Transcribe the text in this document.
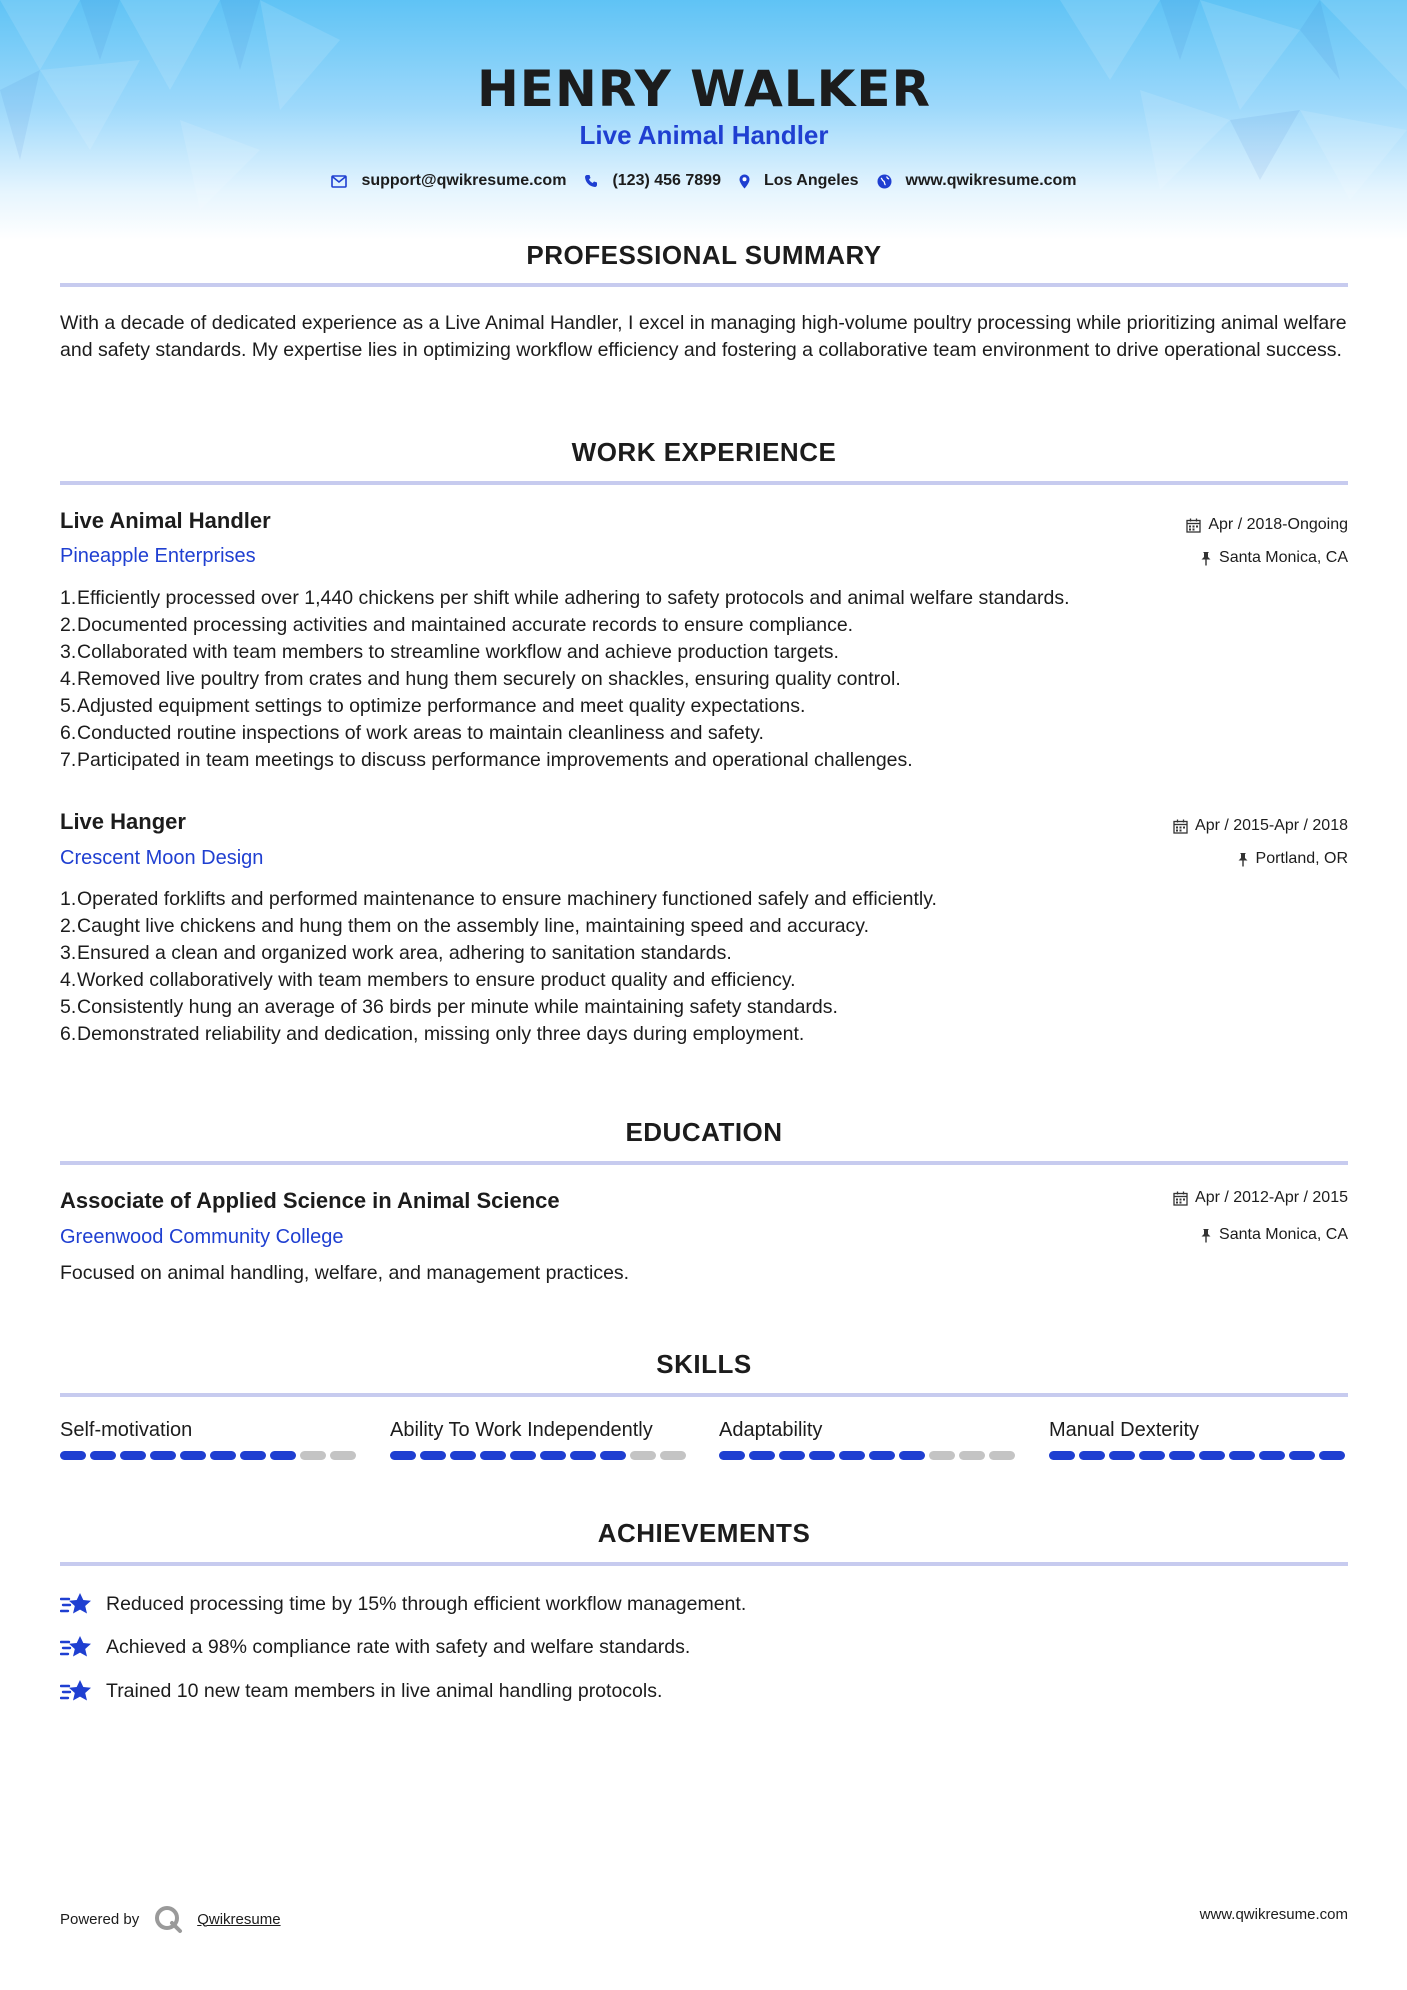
HENRY WALKER
Live Animal Handler
support@qwikresume.com	(123) 456 7899	Los Angeles	www.qwikresume.com
PROFESSIONAL SUMMARY
With a decade of dedicated experience as a Live Animal Handler, I excel in managing high-volume poultry processing while prioritizing animal welfare and safety standards. My expertise lies in optimizing workflow efficiency and fostering a collaborative team environment to drive operational success.
WORK EXPERIENCE
Live Animal Handler
Pineapple Enterprises
Apr / 2018-Ongoing
Santa Monica, CA
1. Efficiently processed over 1,440 chickens per shift while adhering to safety protocols and animal welfare standards.
2. Documented processing activities and maintained accurate records to ensure compliance.
3. Collaborated with team members to streamline workflow and achieve production targets.
4. Removed live poultry from crates and hung them securely on shackles, ensuring quality control.
5. Adjusted equipment settings to optimize performance and meet quality expectations.
6. Conducted routine inspections of work areas to maintain cleanliness and safety.
7. Participated in team meetings to discuss performance improvements and operational challenges.
Live Hanger
Crescent Moon Design
Apr / 2015-Apr / 2018
Portland, OR
1. Operated forklifts and performed maintenance to ensure machinery functioned safely and efficiently.
2. Caught live chickens and hung them on the assembly line, maintaining speed and accuracy.
3. Ensured a clean and organized work area, adhering to sanitation standards.
4. Worked collaboratively with team members to ensure product quality and efficiency.
5. Consistently hung an average of 36 birds per minute while maintaining safety standards.
6. Demonstrated reliability and dedication, missing only three days during employment.
EDUCATION
Associate of Applied Science in Animal Science
Greenwood Community College
Apr / 2012-Apr / 2015
Santa Monica, CA
Focused on animal handling, welfare, and management practices.
SKILLS
Self-motivation	Ability To Work Independently	Adaptability	Manual Dexterity
ACHIEVEMENTS
Reduced processing time by 15% through efficient workflow management.
Achieved a 98% compliance rate with safety and welfare standards.
Trained 10 new team members in live animal handling protocols.
Powered by	Qwikresume	www.qwikresume.com
